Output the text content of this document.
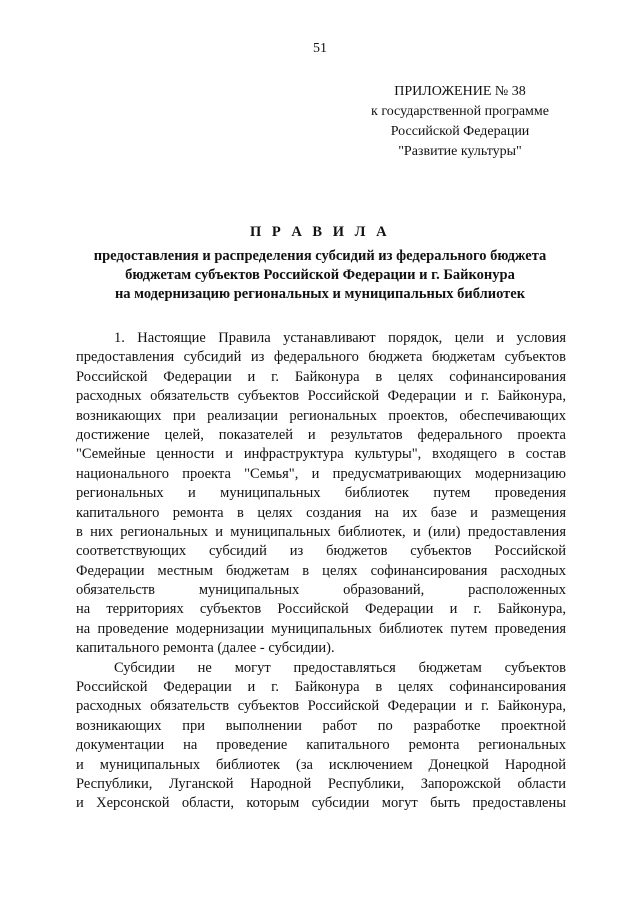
51
ПРИЛОЖЕНИЕ № 38
к государственной программе
Российской Федерации
"Развитие культуры"
П Р А В И Л А
предоставления и распределения субсидий из федерального бюджета
бюджетам субъектов Российской Федерации и г. Байконура
на модернизацию региональных и муниципальных библиотек
1. Настоящие Правила устанавливают порядок, цели и условия
предоставления субсидий из федерального бюджета бюджетам субъектов
Российской Федерации и г. Байконура в целях софинансирования
расходных обязательств субъектов Российской Федерации и г. Байконура,
возникающих при реализации региональных проектов, обеспечивающих
достижение целей, показателей и результатов федерального проекта
"Семейные ценности и инфраструктура культуры", входящего в состав
национального проекта "Семья", и предусматривающих модернизацию
региональных и муниципальных библиотек путем проведения
капитального ремонта в целях создания на их базе и размещения
в них региональных и муниципальных библиотек, и (или) предоставления
соответствующих субсидий из бюджетов субъектов Российской
Федерации местным бюджетам в целях софинансирования расходных
обязательств муниципальных образований, расположенных
на территориях субъектов Российской Федерации и г. Байконура,
на проведение модернизации муниципальных библиотек путем проведения
капитального ремонта (далее - субсидии).
Субсидии не могут предоставляться бюджетам субъектов
Российской Федерации и г. Байконура в целях софинансирования
расходных обязательств субъектов Российской Федерации и г. Байконура,
возникающих при выполнении работ по разработке проектной
документации на проведение капитального ремонта региональных
и муниципальных библиотек (за исключением Донецкой Народной
Республики, Луганской Народной Республики, Запорожской области
и Херсонской области, которым субсидии могут быть предоставлены
